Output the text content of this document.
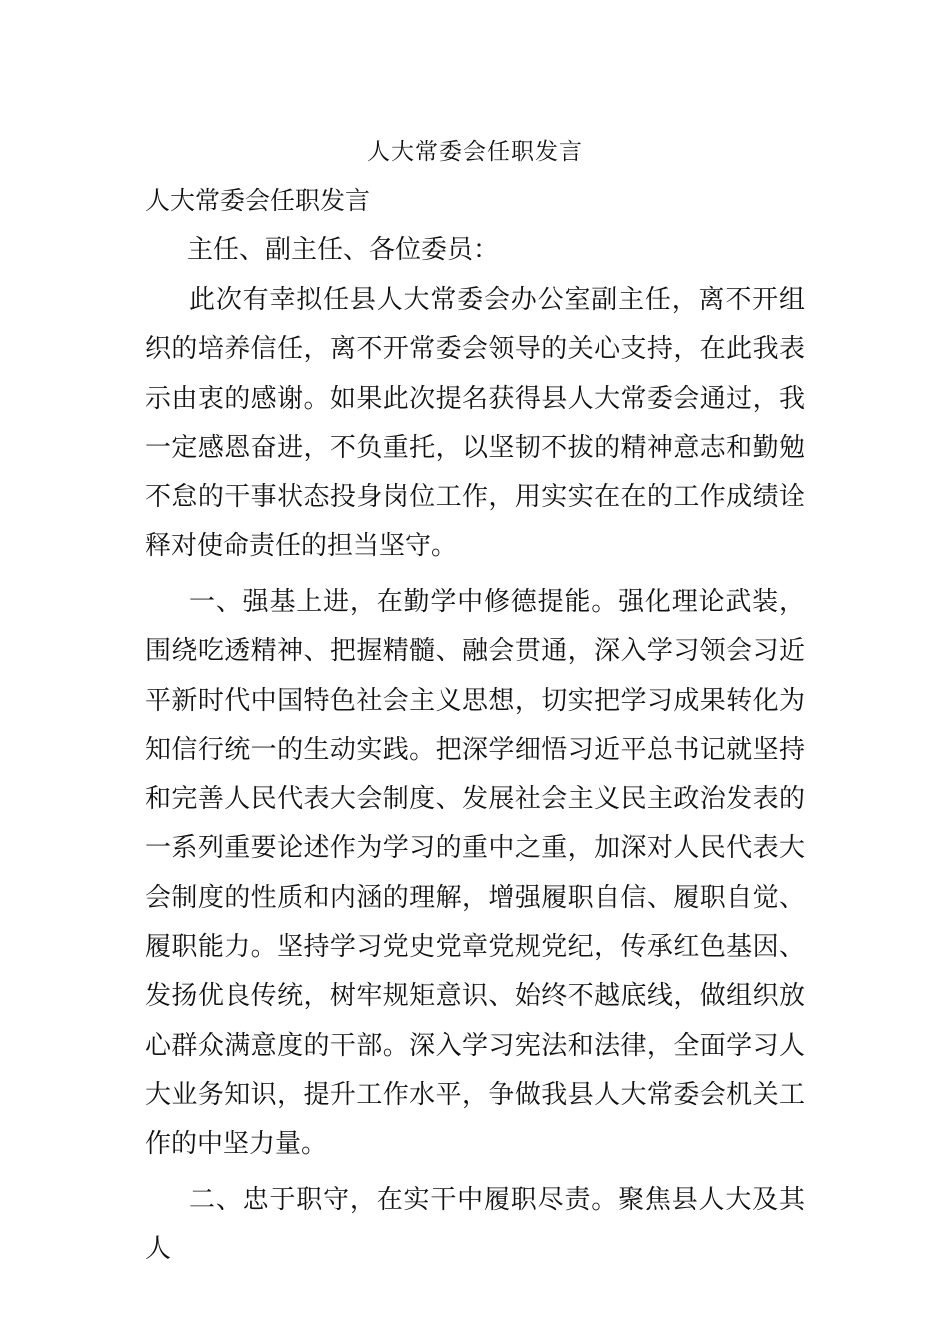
人大常委会任职发言

人大常委会任职发言

主任、副主任、各位委员：

此次有幸拟任县人大常委会办公室副主任，离不开组织的培养信任，离不开常委会领导的关心支持，在此我表示由衷的感谢。如果此次提名获得县人大常委会通过，我一定感恩奋进，不负重托，以坚韧不拔的精神意志和勤勉不怠的干事状态投身岗位工作，用实实在在的工作成绩诠释对使命责任的担当坚守。

一、强基上进，在勤学中修德提能。强化理论武装，围绕吃透精神、把握精髓、融会贯通，深入学习领会习近平新时代中国特色社会主义思想，切实把学习成果转化为知信行统一的生动实践。把深学细悟习近平总书记就坚持和完善人民代表大会制度、发展社会主义民主政治发表的一系列重要论述作为学习的重中之重，加深对人民代表大会制度的性质和内涵的理解，增强履职自信、履职自觉、履职能力。坚持学习党史党章党规党纪，传承红色基因、发扬优良传统，树牢规矩意识、始终不越底线，做组织放心群众满意度的干部。深入学习宪法和法律，全面学习人大业务知识，提升工作水平，争做我县人大常委会机关工作的中坚力量。

二、忠于职守，在实干中履职尽责。聚焦县人大及其人
